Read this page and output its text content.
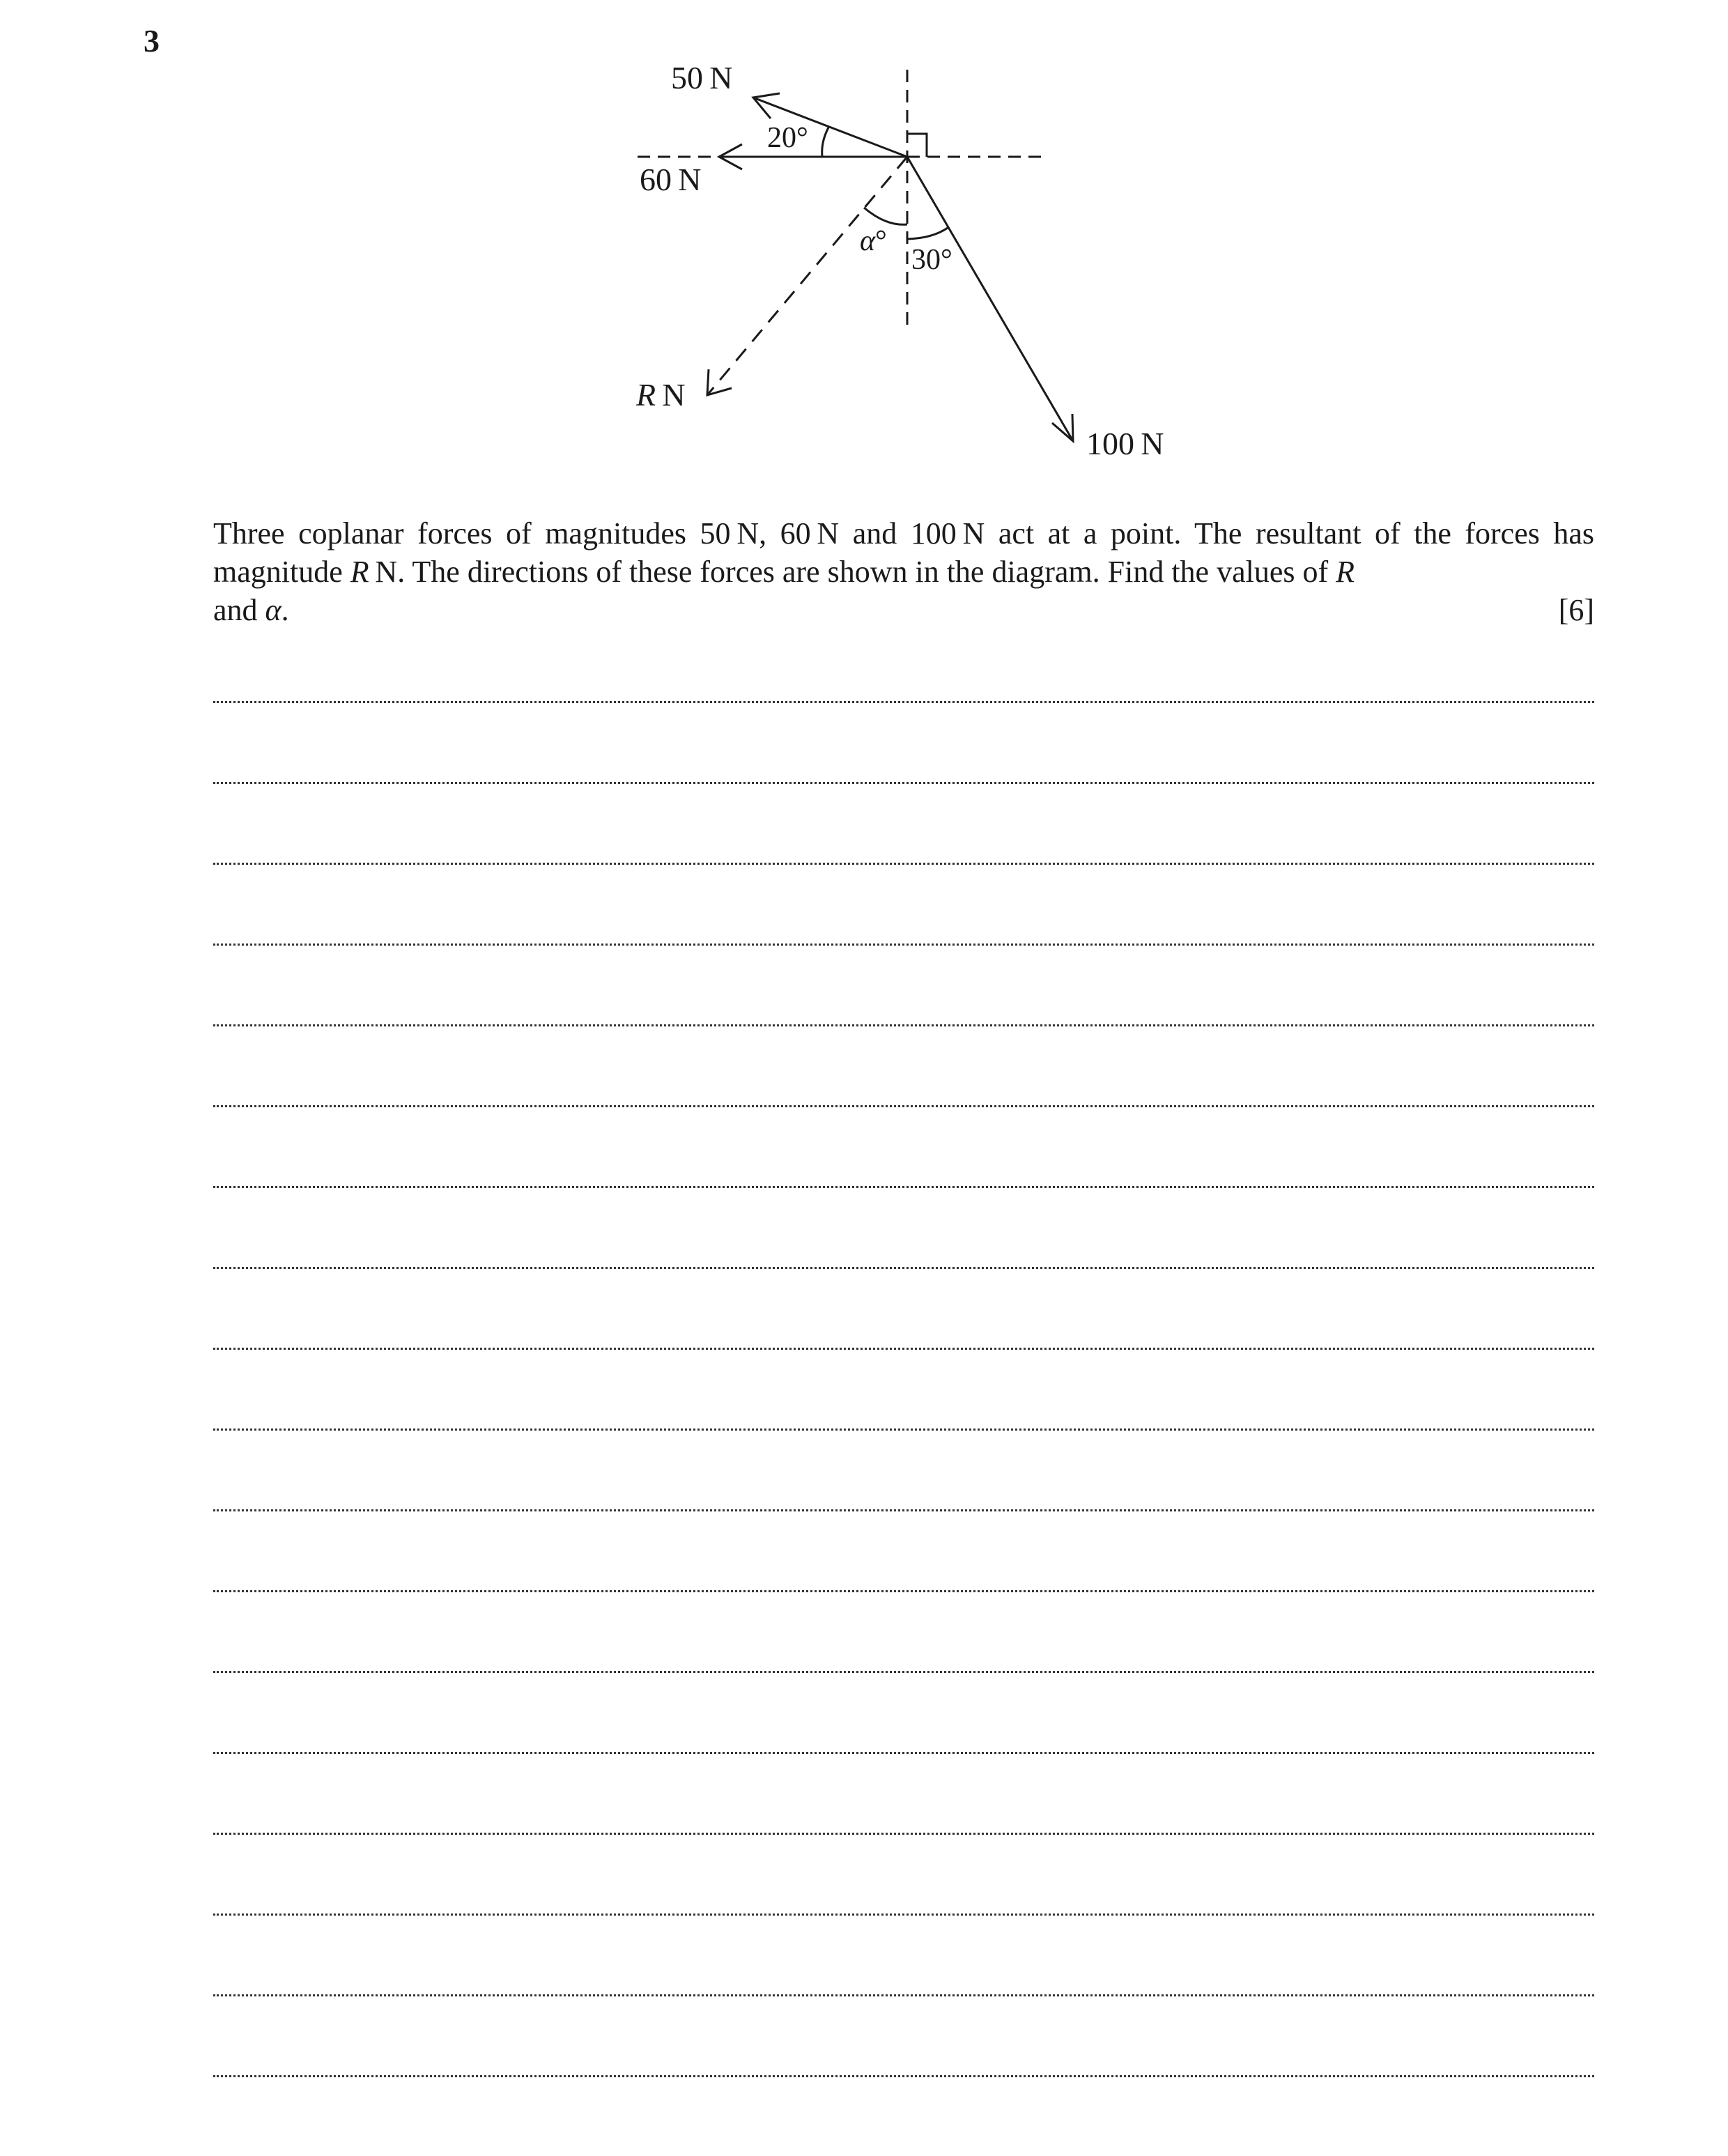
3
50 N
60 N
100 N
R N
20°
30°
α°
Three coplanar forces of magnitudes 50 N, 60 N and 100 N act at a point. The resultant of the forces has magnitude R N. The directions of these forces are shown in the diagram. Find the values of R
and α.	[6]
